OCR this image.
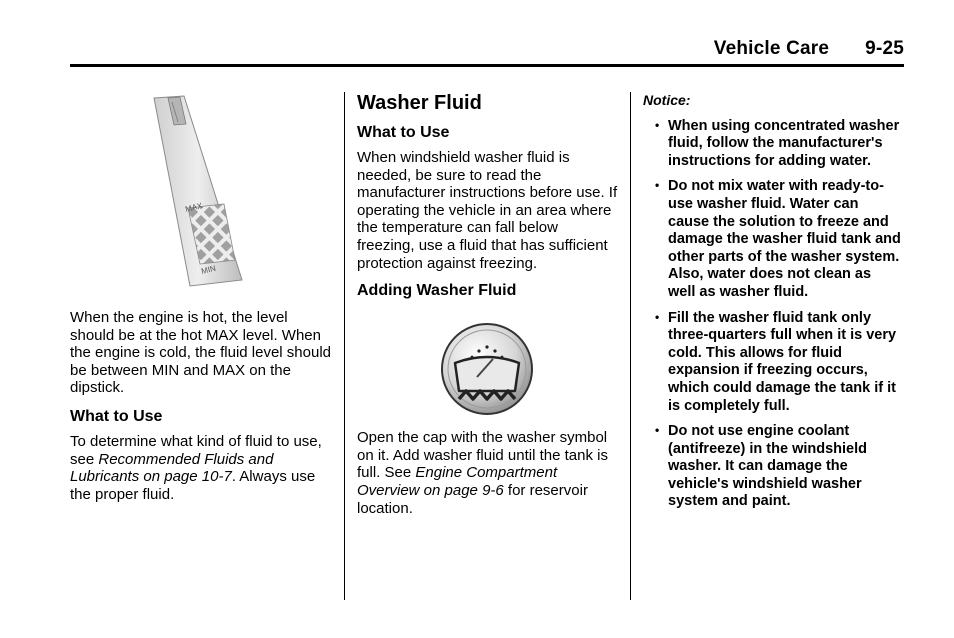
Vehicle Care 9-25
MAX
MIN

When the engine is hot, the level should be at the hot MAX level. When the engine is cold, the fluid level should be between MIN and MAX on the dipstick.

What to Use

To determine what kind of fluid to use, see Recommended Fluids and Lubricants on page 10‑7. Always use the proper fluid.

Washer Fluid
What to Use

When windshield washer fluid is needed, be sure to read the manufacturer instructions before use. If operating the vehicle in an area where the temperature can fall below freezing, use a fluid that has sufficient protection against freezing.

Adding Washer Fluid

Open the cap with the washer symbol on it. Add washer fluid until the tank is full. See Engine Compartment Overview on page 9‑6 for reservoir location.

Notice:

• When using concentrated washer fluid, follow the manufacturer's instructions for adding water.
• Do not mix water with ready-to-use washer fluid. Water can cause the solution to freeze and damage the washer fluid tank and other parts of the washer system. Also, water does not clean as well as washer fluid.
• Fill the washer fluid tank only three-quarters full when it is very cold. This allows for fluid expansion if freezing occurs, which could damage the tank if it is completely full.
• Do not use engine coolant (antifreeze) in the windshield washer. It can damage the vehicle's windshield washer system and paint.
